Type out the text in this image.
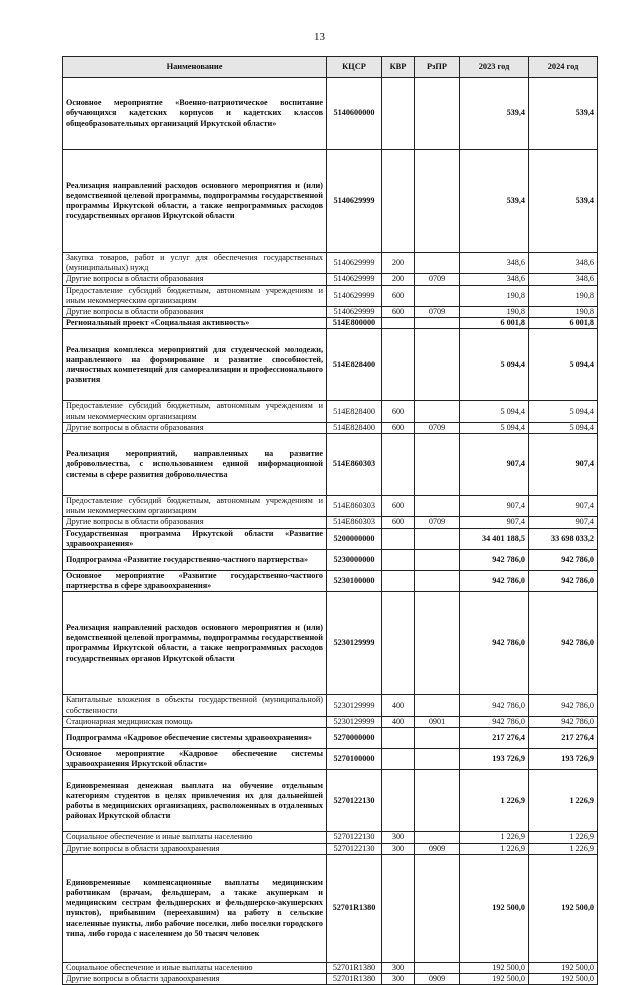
13
Наименование	КЦСР	КВР	РзПР	2023 год	2024 год
Основное мероприятие «Военно-патриотическое воспитание обучающихся кадетских корпусов и кадетских классов общеобразовательных организаций Иркутской области»	5140600000			539,4	539,4
Реализация направлений расходов основного мероприятия и (или) ведомственной целевой программы, подпрограммы государственной программы Иркутской области, а также непрограммных расходов государственных органов Иркутской области	5140629999			539,4	539,4
Закупка товаров, работ и услуг для обеспечения государственных (муниципальных) нужд	5140629999	200		348,6	348,6
Другие вопросы в области образования	5140629999	200	0709	348,6	348,6
Предоставление субсидий бюджетным, автономным учреждениям и иным некоммерческим организациям	5140629999	600		190,8	190,8
Другие вопросы в области образования	5140629999	600	0709	190,8	190,8
Региональный проект «Социальная активность»	514E800000			6 001,8	6 001,8
Реализация комплекса мероприятий для студенческой молодежи, направленного на формирование и развитие способностей, личностных компетенций для самореализации и профессионального развития	514E828400			5 094,4	5 094,4
Предоставление субсидий бюджетным, автономным учреждениям и иным некоммерческим организациям	514E828400	600		5 094,4	5 094,4
Другие вопросы в области образования	514E828400	600	0709	5 094,4	5 094,4
Реализация мероприятий, направленных на развитие добровольчества, с использованием единой информационной системы в сфере развития добровольчества	514E860303			907,4	907,4
Предоставление субсидий бюджетным, автономным учреждениям и иным некоммерческим организациям	514E860303	600		907,4	907,4
Другие вопросы в области образования	514E860303	600	0709	907,4	907,4
Государственная программа Иркутской области «Развитие здравоохранения»	5200000000			34 401 188,5	33 698 033,2
Подпрограмма «Развитие государственно-частного партнерства»	5230000000			942 786,0	942 786,0
Основное мероприятие «Развитие государственно-частного партнерства в сфере здравоохранения»	5230100000			942 786,0	942 786,0
Реализация направлений расходов основного мероприятия и (или) ведомственной целевой программы, подпрограммы государственной программы Иркутской области, а также непрограммных расходов государственных органов Иркутской области	5230129999			942 786,0	942 786,0
Капитальные вложения в объекты государственной (муниципальной) собственности	5230129999	400		942 786,0	942 786,0
Стационарная медицинская помощь	5230129999	400	0901	942 786,0	942 786,0
Подпрограмма «Кадровое обеспечение системы здравоохранения»	5270000000			217 276,4	217 276,4
Основное мероприятие «Кадровое обеспечение системы здравоохранения Иркутской области»	5270100000			193 726,9	193 726,9
Единовременная денежная выплата на обучение отдельным категориям студентов в целях привлечения их для дальнейшей работы в медицинских организациях, расположенных в отдаленных районах Иркутской области	5270122130			1 226,9	1 226,9
Социальное обеспечение и иные выплаты населению	5270122130	300		1 226,9	1 226,9
Другие вопросы в области здравоохранения	5270122130	300	0909	1 226,9	1 226,9
Единовременные компенсационные выплаты медицинским работникам (врачам, фельдшерам, а также акушеркам и медицинским сестрам фельдшерских и фельдшерско-акушерских пунктов), прибывшим (переехавшим) на работу в сельские населенные пункты, либо рабочие поселки, либо поселки городского типа, либо города с населением до 50 тысяч человек	52701R1380			192 500,0	192 500,0
Социальное обеспечение и иные выплаты населению	52701R1380	300		192 500,0	192 500,0
Другие вопросы в области здравоохранения	52701R1380	300	0909	192 500,0	192 500,0
